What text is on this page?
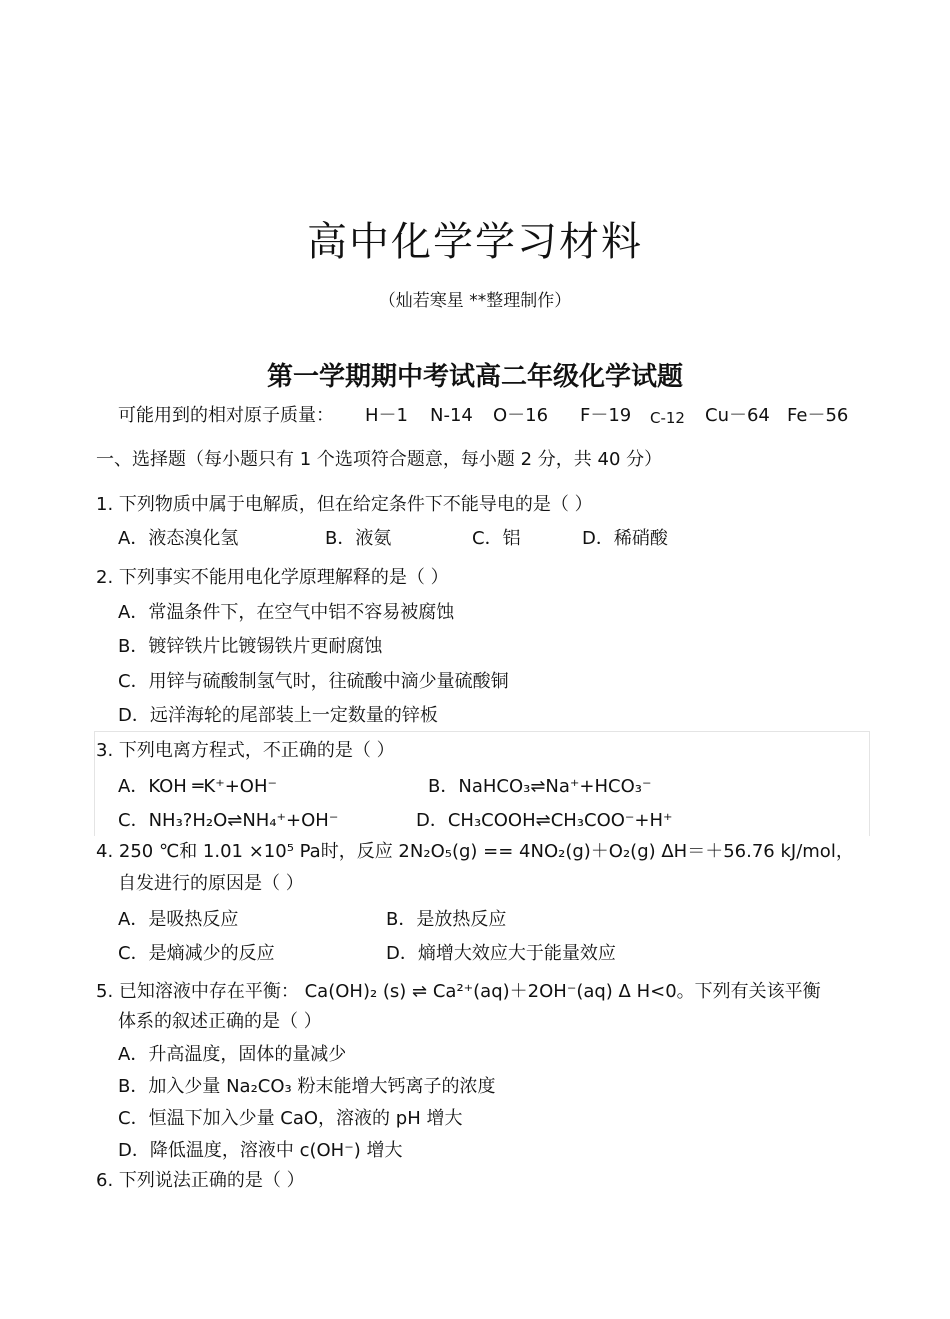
高中化学学习材料
（灿若寒星 **整理制作）
第一学期期中考试高二年级化学试题
可能用到的相对原子质量： H－1 N-14 O－16 F－19 C-12 Cu－64 Fe－56
一、选择题（每小题只有 1 个选项符合题意，每小题 2 分，共 40 分）
1. 下列物质中属于电解质，但在给定条件下不能导电的是（ ）
A．液态溴化氢	B．液氨	C．铝	D．稀硝酸
2. 下列事实不能用电化学原理解释的是（ ）
A．常温条件下，在空气中铝不容易被腐蚀
B．镀锌铁片比镀锡铁片更耐腐蚀
C．用锌与硫酸制氢气时，往硫酸中滴少量硫酸铜
D．远洋海轮的尾部装上一定数量的锌板
3. 下列电离方程式，不正确的是（ ）
A．KOH ═K⁺+OH⁻	B．NaHCO₃⇌Na⁺+HCO₃⁻
C．NH₃?H₂O⇌NH₄⁺+OH⁻	D．CH₃COOH⇌CH₃COO⁻+H⁺
4. 250 ℃和 1.01 ×10⁵ Pa时，反应 2N₂O₅(g) == 4NO₂(g)＋O₂(g) ΔH＝＋56.76 kJ/mol，
自发进行的原因是（ ）
A．是吸热反应	B．是放热反应
C．是熵减少的反应	D．熵增大效应大于能量效应
5. 已知溶液中存在平衡： Ca(OH)₂ (s) ⇌ Ca²⁺(aq)＋2OH⁻(aq) Δ H<0。下列有关该平衡
体系的叙述正确的是（ ）
A．升高温度，固体的量减少
B．加入少量 Na₂CO₃ 粉末能增大钙离子的浓度
C．恒温下加入少量 CaO，溶液的 pH 增大
D．降低温度，溶液中 c(OH⁻) 增大
6. 下列说法正确的是（ ）
